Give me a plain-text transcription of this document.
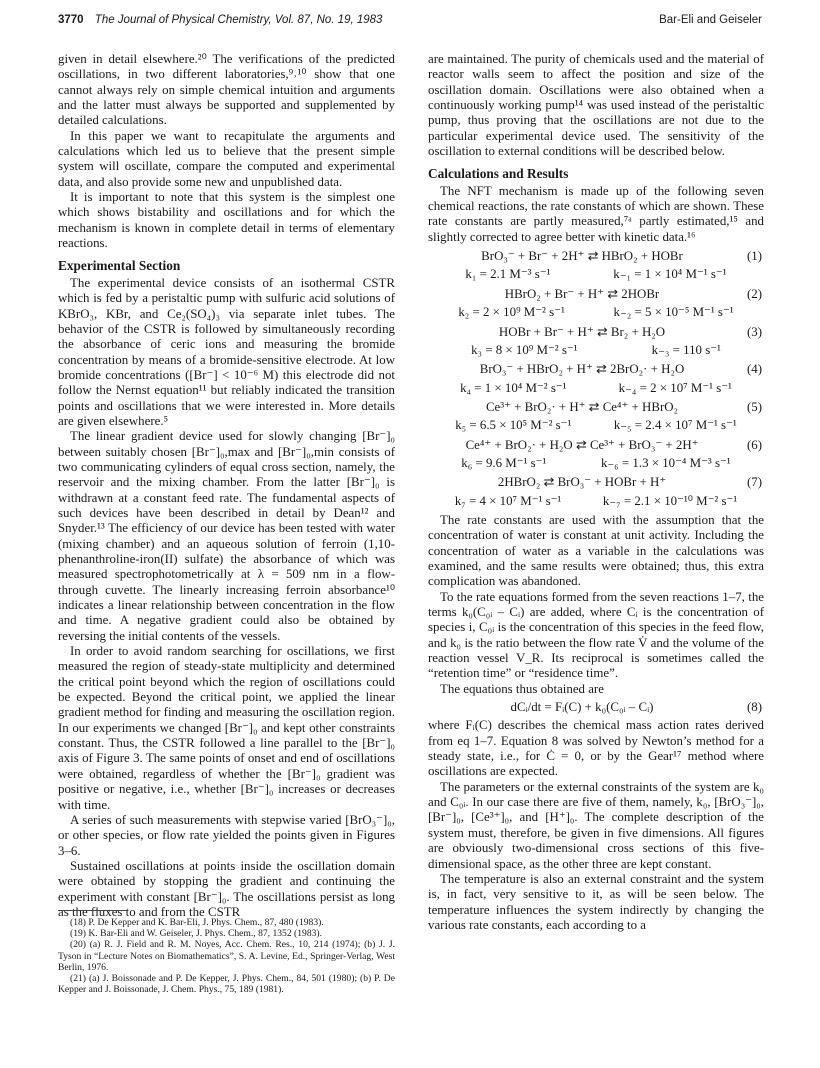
3770 The Journal of Physical Chemistry, Vol. 87, No. 19, 1983	Bar-Eli and Geiseler

given in detail elsewhere.²⁰ The verifications of the predicted oscillations, in two different laboratories,⁹˒¹⁰ show that one cannot always rely on simple chemical intuition and arguments and the latter must always be supported and supplemented by detailed calculations.

In this paper we want to recapitulate the arguments and calculations which led us to believe that the present simple system will oscillate, compare the computed and experimental data, and also provide some new and unpublished data.

It is important to note that this system is the simplest one which shows bistability and oscillations and for which the mechanism is known in complete detail in terms of elementary reactions.

Experimental Section

The experimental device consists of an isothermal CSTR which is fed by a peristaltic pump with sulfuric acid solutions of KBrO₃, KBr, and Ce₂(SO₄)₃ via separate inlet tubes. The behavior of the CSTR is followed by simultaneously recording the absorbance of ceric ions and measuring the bromide concentration by means of a bromide-sensitive electrode. At low bromide concentrations ([Br⁻] < 10⁻⁶ M) this electrode did not follow the Nernst equation¹¹ but reliably indicated the transition points and oscillations that we were interested in. More details are given elsewhere.⁵

The linear gradient device used for slowly changing [Br⁻]₀ between suitably chosen [Br⁻]₀,max and [Br⁻]₀,min consists of two communicating cylinders of equal cross section, namely, the reservoir and the mixing chamber. From the latter [Br⁻]₀ is withdrawn at a constant feed rate. The fundamental aspects of such devices have been described in detail by Dean¹² and Snyder.¹³ The efficiency of our device has been tested with water (mixing chamber) and an aqueous solution of ferroin (1,10-phenanthroline-iron(II) sulfate) the absorbance of which was measured spectrophotometrically at λ = 509 nm in a flow-through cuvette. The linearly increasing ferroin absorbance¹⁰ indicates a linear relationship between concentration in the flow and time. A negative gradient could also be obtained by reversing the initial contents of the vessels.

In order to avoid random searching for oscillations, we first measured the region of steady-state multiplicity and determined the critical point beyond which the region of oscillations could be expected. Beyond the critical point, we applied the linear gradient method for finding and measuring the oscillation region. In our experiments we changed [Br⁻]₀ and kept other constraints constant. Thus, the CSTR followed a line parallel to the [Br⁻]₀ axis of Figure 3. The same points of onset and end of oscillations were obtained, regardless of whether the [Br⁻]₀ gradient was positive or negative, i.e., whether [Br⁻]₀ increases or decreases with time.

A series of such measurements with stepwise varied [BrO₃⁻]₀, or other species, or flow rate yielded the points given in Figures 3–6.

Sustained oscillations at points inside the oscillation domain were obtained by stopping the gradient and continuing the experiment with constant [Br⁻]₀. The oscillations persist as long as the fluxes to and from the CSTR

(18) P. De Kepper and K. Bar-Eli, J. Phys. Chem., 87, 480 (1983).
(19) K. Bar-Eli and W. Geiseler, J. Phys. Chem., 87, 1352 (1983).
(20) (a) R. J. Field and R. M. Noyes, Acc. Chem. Res., 10, 214 (1974); (b) J. J. Tyson in “Lecture Notes on Biomathematics”, S. A. Levine, Ed., Springer-Verlag, West Berlin, 1976.
(21) (a) J. Boissonade and P. De Kepper, J. Phys. Chem., 84, 501 (1980); (b) P. De Kepper and J. Boissonade, J. Chem. Phys., 75, 189 (1981).

are maintained. The purity of chemicals used and the material of reactor walls seem to affect the position and size of the oscillation domain. Oscillations were also obtained when a continuously working pump¹⁴ was used instead of the peristaltic pump, thus proving that the oscillations are not due to the particular experimental device used. The sensitivity of the oscillation to external conditions will be described below.

Calculations and Results

The NFT mechanism is made up of the following seven chemical reactions, the rate constants of which are shown. These rate constants are partly measured,⁷ᵃ partly estimated,¹⁵ and slightly corrected to agree better with kinetic data.¹⁶

BrO₃⁻ + Br⁻ + 2H⁺ ⇄ HBrO₂ + HOBr	(1)
k₁ = 2.1 M⁻³ s⁻¹	k₋₁ = 1 × 10⁴ M⁻¹ s⁻¹
HBrO₂ + Br⁻ + H⁺ ⇄ 2HOBr	(2)
k₂ = 2 × 10⁹ M⁻² s⁻¹	k₋₂ = 5 × 10⁻⁵ M⁻¹ s⁻¹
HOBr + Br⁻ + H⁺ ⇄ Br₂ + H₂O	(3)
k₃ = 8 × 10⁹ M⁻² s⁻¹	k₋₃ = 110 s⁻¹
BrO₃⁻ + HBrO₂ + H⁺ ⇄ 2BrO₂· + H₂O	(4)
k₄ = 1 × 10⁴ M⁻² s⁻¹	k₋₄ = 2 × 10⁷ M⁻¹ s⁻¹
Ce³⁺ + BrO₂· + H⁺ ⇄ Ce⁴⁺ + HBrO₂	(5)
k₅ = 6.5 × 10⁵ M⁻² s⁻¹	k₋₅ = 2.4 × 10⁷ M⁻¹ s⁻¹
Ce⁴⁺ + BrO₂· + H₂O ⇄ Ce³⁺ + BrO₃⁻ + 2H⁺	(6)
k₆ = 9.6 M⁻¹ s⁻¹	k₋₆ = 1.3 × 10⁻⁴ M⁻³ s⁻¹
2HBrO₂ ⇄ BrO₃⁻ + HOBr + H⁺	(7)
k₇ = 4 × 10⁷ M⁻¹ s⁻¹	k₋₇ = 2.1 × 10⁻¹⁰ M⁻² s⁻¹

The rate constants are used with the assumption that the concentration of water is constant at unit activity. Including the concentration of water as a variable in the calculations was examined, and the same results were obtained; thus, this extra complication was abandoned.

To the rate equations formed from the seven reactions 1–7, the terms k₀(C₀ᵢ – Cᵢ) are added, where Cᵢ is the concentration of species i, C₀ᵢ is the concentration of this species in the feed flow, and k₀ is the ratio between the flow rate V̇ and the volume of the reaction vessel V_R. Its reciprocal is sometimes called the “retention time” or “residence time”.

The equations thus obtained are

dCᵢ/dt = Fᵢ(C) + k₀(C₀ᵢ – Cᵢ)	(8)

where Fᵢ(C) describes the chemical mass action rates derived from eq 1–7. Equation 8 was solved by Newton’s method for a steady state, i.e., for Ċ = 0, or by the Gear¹⁷ method where oscillations are expected.

The parameters or the external constraints of the system are k₀ and C₀ᵢ. In our case there are five of them, namely, k₀, [BrO₃⁻]₀, [Br⁻]₀, [Ce³⁺]₀, and [H⁺]₀. The complete description of the system must, therefore, be given in five dimensions. All figures are obviously two-dimensional cross sections of this five-dimensional space, as the other three are kept constant.

The temperature is also an external constraint and the system is, in fact, very sensitive to it, as will be seen below. The temperature influences the system indirectly by changing the various rate constants, each according to a
